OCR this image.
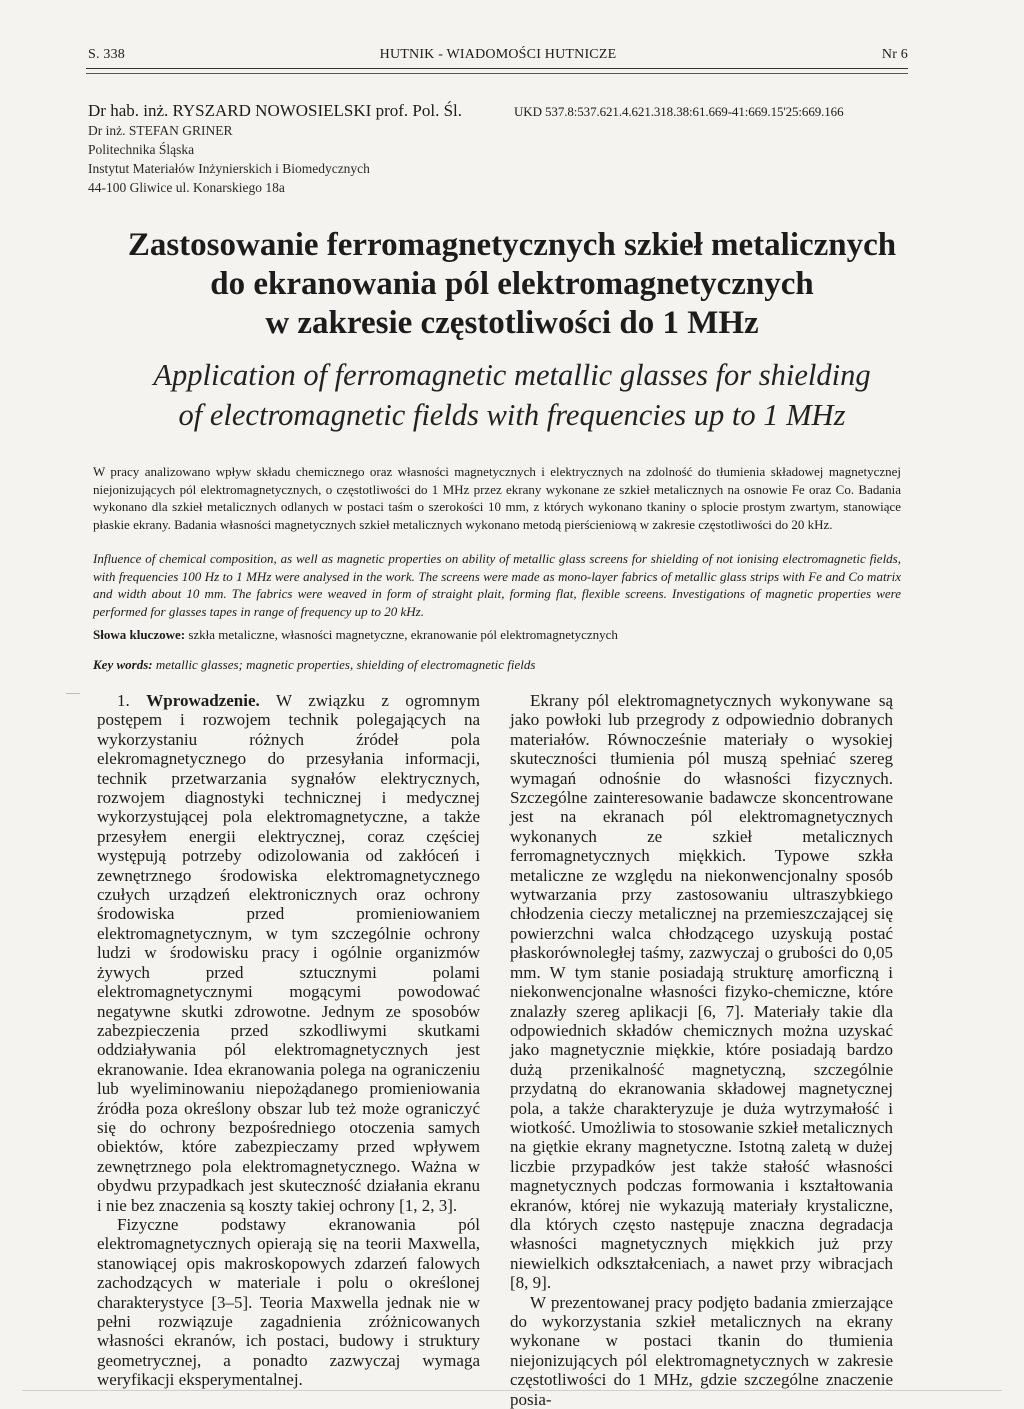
S. 338	HUTNIK - WIADOMOŚCI HUTNICZE	Nr 6
Dr hab. inż. RYSZARD NOWOSIELSKI prof. Pol. Śl.
Dr inż. STEFAN GRINER
Politechnika Śląska
Instytut Materiałów Inżynierskich i Biomedycznych
44-100 Gliwice ul. Konarskiego 18a
UKD 537.8:537.621.4.621.318.38:61.669-41:669.15'25:669.166
Zastosowanie ferromagnetycznych szkieł metalicznych
do ekranowania pól elektromagnetycznych
w zakresie częstotliwości do 1 MHz
Application of ferromagnetic metallic glasses for shielding
of electromagnetic fields with frequencies up to 1 MHz
W pracy analizowano wpływ składu chemicznego oraz własności magnetycznych i elektrycznych na zdolność do tłumienia składowej magnetycznej niejonizujących pól elektromagnetycznych, o częstotliwości do 1 MHz przez ekrany wykonane ze szkieł metalicznych na osnowie Fe oraz Co. Badania wykonano dla szkieł metalicznych odlanych w postaci taśm o szerokości 10 mm, z których wykonano tkaniny o splocie prostym zwartym, stanowiące płaskie ekrany. Badania własności magnetycznych szkieł metalicznych wykonano metodą pierścieniową w zakresie częstotliwości do 20 kHz.
Influence of chemical composition, as well as magnetic properties on ability of metallic glass screens for shielding of not ionising electromagnetic fields, with frequencies 100 Hz to 1 MHz were analysed in the work. The screens were made as mono-layer fabrics of metallic glass strips with Fe and Co matrix and width about 10 mm. The fabrics were weaved in form of straight plait, forming flat, flexible screens. Investigations of magnetic properties were performed for glasses tapes in range of frequency up to 20 kHz.
Słowa kluczowe: szkła metaliczne, własności magnetyczne, ekranowanie pól elektromagnetycznych
Key words: metallic glasses; magnetic properties, shielding of electromagnetic fields

1. Wprowadzenie. W związku z ogromnym postępem i rozwojem technik polegających na wykorzystaniu różnych źródeł pola elekromagnetycznego do przesyłania informacji, technik przetwarzania sygnałów elektrycznych, rozwojem diagnostyki technicznej i medycznej wykorzystującej pola elektromagnetyczne, a także przesyłem energii elektrycznej, coraz częściej występują potrzeby odizolowania od zakłóceń i zewnętrznego środowiska elektromagnetycznego czułych urządzeń elektronicznych oraz ochrony środowiska przed promieniowaniem elektromagnetycznym, w tym szczególnie ochrony ludzi w środowisku pracy i ogólnie organizmów żywych przed sztucznymi polami elektromagnetycznymi mogącymi powodować negatywne skutki zdrowotne. Jednym ze sposobów zabezpieczenia przed szkodliwymi skutkami oddziaływania pól elektromagnetycznych jest ekranowanie. Idea ekranowania polega na ograniczeniu lub wyeliminowaniu niepożądanego promieniowania źródła poza określony obszar lub też może ograniczyć się do ochrony bezpośredniego otoczenia samych obiektów, które zabezpieczamy przed wpływem zewnętrznego pola elektromagnetycznego. Ważna w obydwu przypadkach jest skuteczność działania ekranu i nie bez znaczenia są koszty takiej ochrony [1, 2, 3].

Fizyczne podstawy ekranowania pól elektromagnetycznych opierają się na teorii Maxwella, stanowiącej opis makroskopowych zdarzeń falowych zachodzących w materiale i polu o określonej charakterystyce [3–5]. Teoria Maxwella jednak nie w pełni rozwiązuje zagadnienia zróżnicowanych własności ekranów, ich postaci, budowy i struktury geometrycznej, a ponadto zazwyczaj wymaga weryfikacji eksperymentalnej.

Ekrany pól elektromagnetycznych wykonywane są jako powłoki lub przegrody z odpowiednio dobranych materiałów. Równocześnie materiały o wysokiej skuteczności tłumienia pól muszą spełniać szereg wymagań odnośnie do własności fizycznych. Szczególne zainteresowanie badawcze skoncentrowane jest na ekranach pól elektromagnetycznych wykonanych ze szkieł metalicznych ferromagnetycznych miękkich. Typowe szkła metaliczne ze względu na niekonwencjonalny sposób wytwarzania przy zastosowaniu ultraszybkiego chłodzenia cieczy metalicznej na przemieszczającej się powierzchni walca chłodzącego uzyskują postać płaskorównoległej taśmy, zazwyczaj o grubości do 0,05 mm. W tym stanie posiadają strukturę amorficzną i niekonwencjonalne własności fizyko-chemiczne, które znalazły szereg aplikacji [6, 7]. Materiały takie dla odpowiednich składów chemicznych można uzyskać jako magnetycznie miękkie, które posiadają bardzo dużą przenikalność magnetyczną, szczególnie przydatną do ekranowania składowej magnetycznej pola, a także charakteryzuje je duża wytrzymałość i wiotkość. Umożliwia to stosowanie szkieł metalicznych na giętkie ekrany magnetyczne. Istotną zaletą w dużej liczbie przypadków jest także stałość własności magnetycznych podczas formowania i kształtowania ekranów, której nie wykazują materiały krystaliczne, dla których często następuje znaczna degradacja własności magnetycznych miękkich już przy niewielkich odkształceniach, a nawet przy wibracjach [8, 9].

W prezentowanej pracy podjęto badania zmierzające do wykorzystania szkieł metalicznych na ekrany wykonane w postaci tkanin do tłumienia niejonizujących pól elektromagnetycznych w zakresie częstotliwości do 1 MHz, gdzie szczególne znaczenie posia-
